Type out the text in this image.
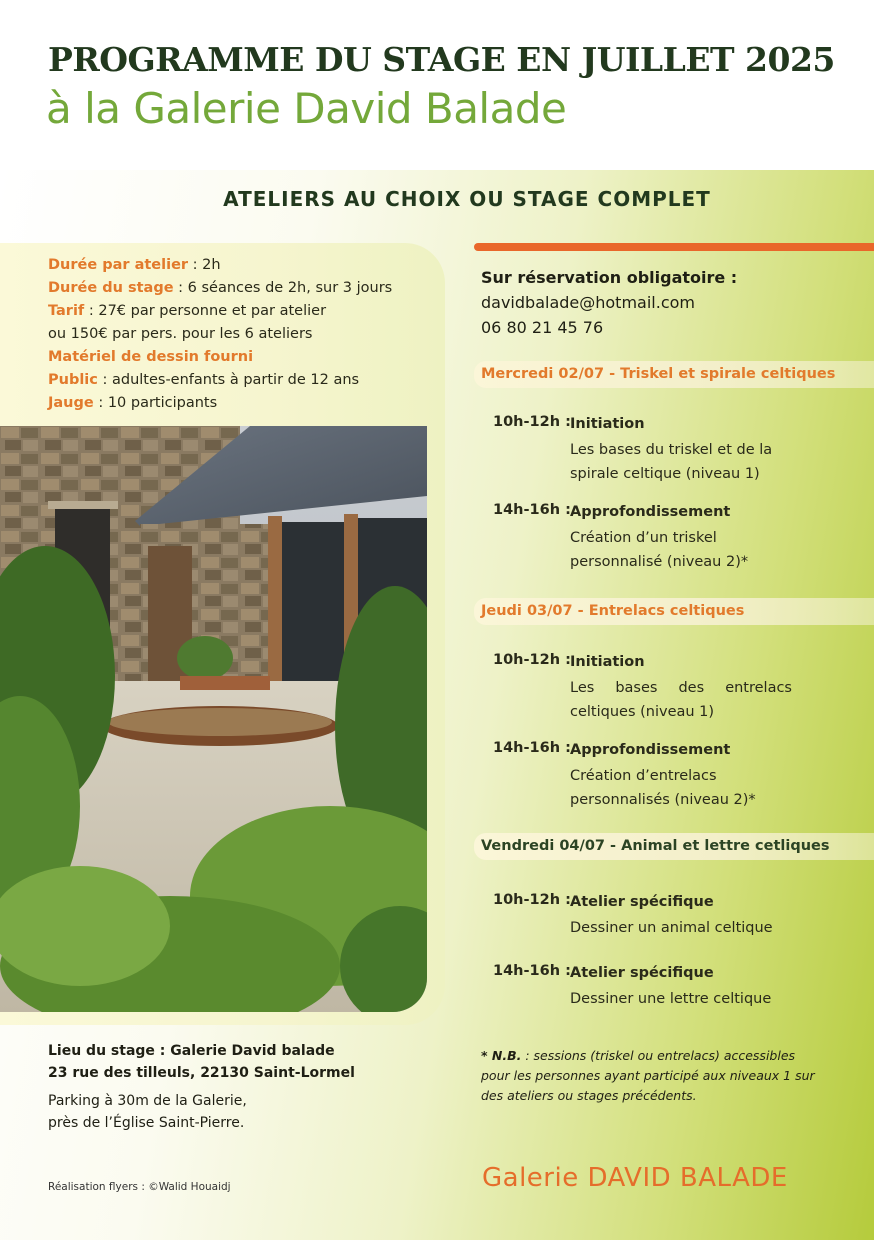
PROGRAMME DU STAGE EN JUILLET 2025
à la Galerie David Balade
ATELIERS AU CHOIX OU STAGE COMPLET
Durée par atelier : 2h
Durée du stage : 6 séances de 2h, sur 3 jours
Tarif : 27€ par personne et par atelier
ou 150€ par pers. pour les 6 ateliers
Matériel de dessin fourni
Public : adultes-enfants à partir de 12 ans
Jauge : 10 participants
Lieu du stage : Galerie David balade
23 rue des tilleuls, 22130 Saint-Lormel
Parking à 30m de la Galerie,
près de l’Église Saint-Pierre.
Réalisation flyers : ©Walid Houaidj
Sur réservation obligatoire :
davidbalade@hotmail.com
06 80 21 45 76
Mercredi 02/07 - Triskel et spirale celtiques
10h-12h : Initiation
Les bases du triskel et de la spirale celtique (niveau 1)
14h-16h : Approfondissement
Création d’un triskel personnalisé (niveau 2)*
Jeudi 03/07 - Entrelacs celtiques
10h-12h : Initiation
Les bases des entrelacs celtiques (niveau 1)
14h-16h : Approfondissement
Création d’entrelacs personnalisés (niveau 2)*
Vendredi 04/07 - Animal et lettre cetliques
10h-12h : Atelier spécifique
Dessiner un animal celtique
14h-16h : Atelier spécifique
Dessiner une lettre celtique
* N.B. : sessions (triskel ou entrelacs) accessibles pour les personnes ayant participé aux niveaux 1 sur des ateliers ou stages précédents.
Galerie DAVID BALADE
